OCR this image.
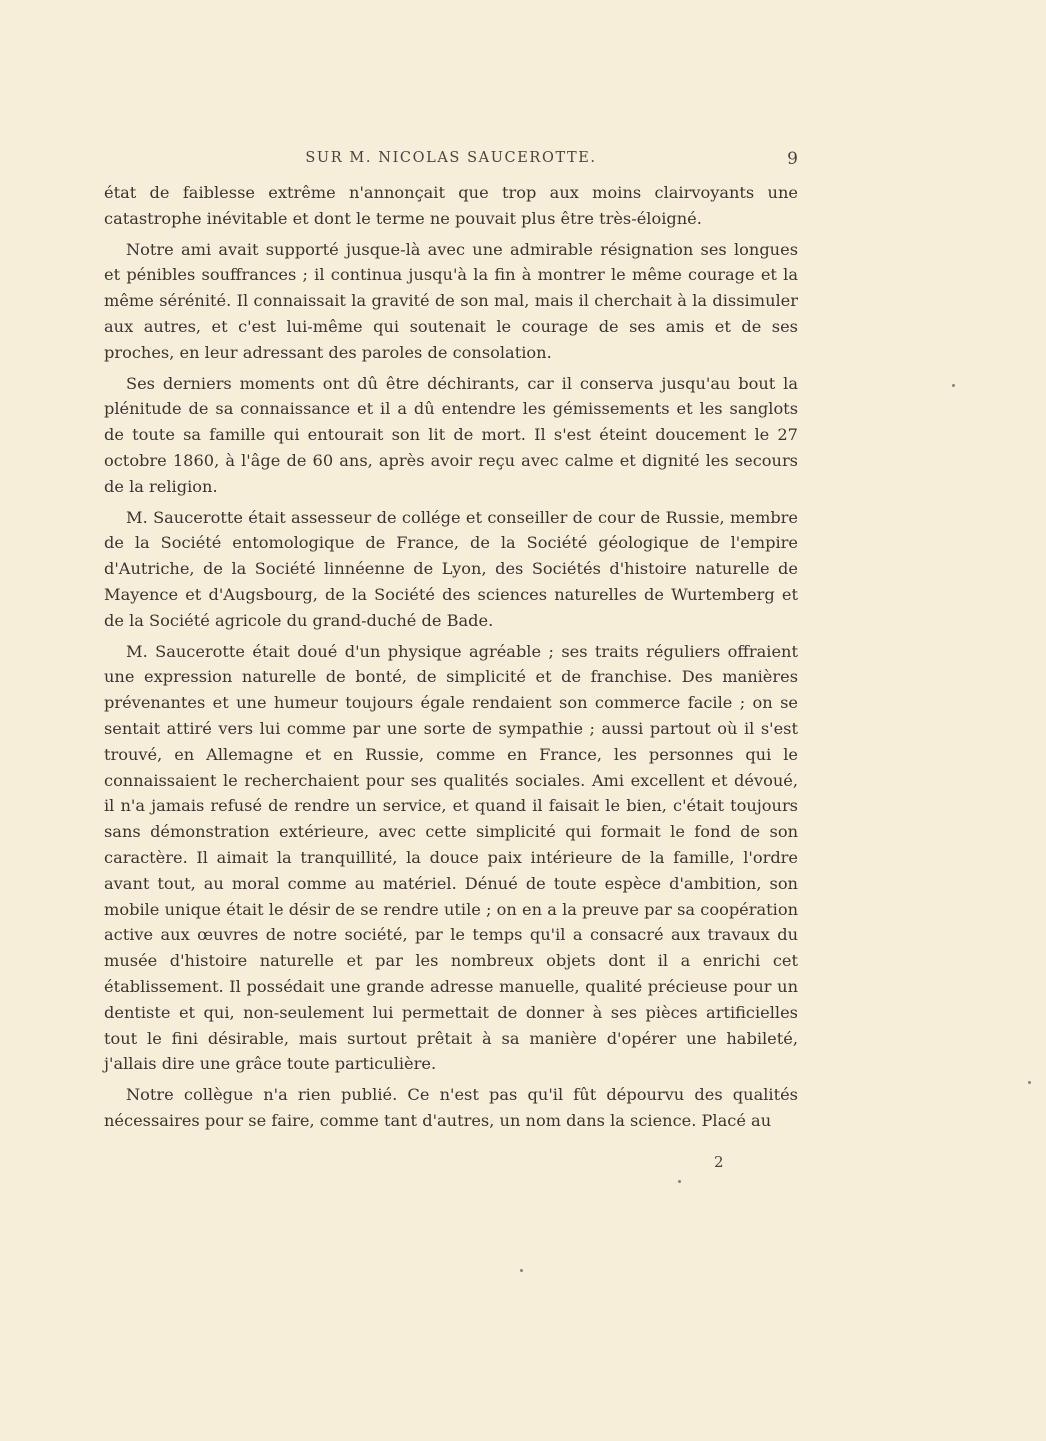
SUR M. NICOLAS SAUCEROTTE.	9

état de faiblesse extrême n'annonçait que trop aux moins clairvoyants une catastrophe inévitable et dont le terme ne pouvait plus être très-éloigné.

Notre ami avait supporté jusque-là avec une admirable résignation ses longues et pénibles souffrances ; il continua jusqu'à la fin à montrer le même courage et la même sérénité. Il connaissait la gravité de son mal, mais il cherchait à la dissimuler aux autres, et c'est lui-même qui soutenait le courage de ses amis et de ses proches, en leur adressant des paroles de consolation.

Ses derniers moments ont dû être déchirants, car il conserva jusqu'au bout la plénitude de sa connaissance et il a dû entendre les gémissements et les sanglots de toute sa famille qui entourait son lit de mort. Il s'est éteint doucement le 27 octobre 1860, à l'âge de 60 ans, après avoir reçu avec calme et dignité les secours de la religion.

M. Saucerotte était assesseur de collége et conseiller de cour de Russie, membre de la Société entomologique de France, de la Société géologique de l'empire d'Autriche, de la Société linnéenne de Lyon, des Sociétés d'histoire naturelle de Mayence et d'Augsbourg, de la Société des sciences naturelles de Wurtemberg et de la Société agricole du grand-duché de Bade.

M. Saucerotte était doué d'un physique agréable ; ses traits réguliers offraient une expression naturelle de bonté, de simplicité et de franchise. Des manières prévenantes et une humeur toujours égale rendaient son commerce facile ; on se sentait attiré vers lui comme par une sorte de sympathie ; aussi partout où il s'est trouvé, en Allemagne et en Russie, comme en France, les personnes qui le connaissaient le recherchaient pour ses qualités sociales. Ami excellent et dévoué, il n'a jamais refusé de rendre un service, et quand il faisait le bien, c'était toujours sans démonstration extérieure, avec cette simplicité qui formait le fond de son caractère. Il aimait la tranquillité, la douce paix intérieure de la famille, l'ordre avant tout, au moral comme au matériel. Dénué de toute espèce d'ambition, son mobile unique était le désir de se rendre utile ; on en a la preuve par sa coopération active aux œuvres de notre société, par le temps qu'il a consacré aux travaux du musée d'histoire naturelle et par les nombreux objets dont il a enrichi cet établissement. Il possédait une grande adresse manuelle, qualité précieuse pour un dentiste et qui, non-seulement lui permettait de donner à ses pièces artificielles tout le fini désirable, mais surtout prêtait à sa manière d'opérer une habileté, j'allais dire une grâce toute particulière.

Notre collègue n'a rien publié. Ce n'est pas qu'il fût dépourvu des qualités nécessaires pour se faire, comme tant d'autres, un nom dans la science. Placé au

2
